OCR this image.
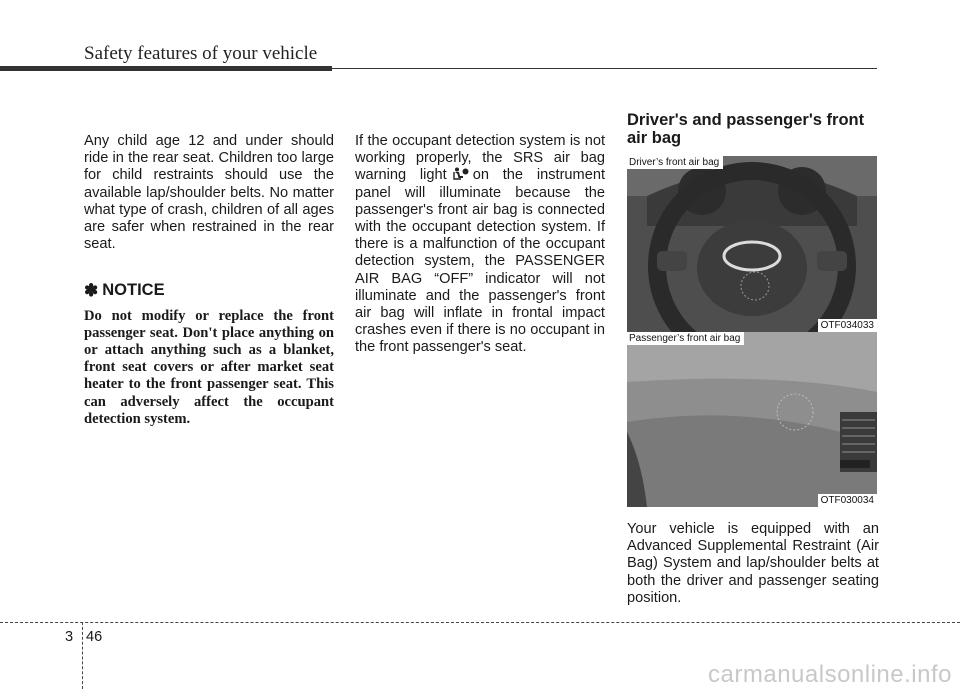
Safety features of your vehicle

Any child age 12 and under should ride in the rear seat. Children too large for child restraints should use the available lap/shoulder belts. No matter what type of crash, children of all ages are safer when restrained in the rear seat.

✽ NOTICE

Do not modify or replace the front passenger seat. Don't place anything on or attach anything such as a blanket, front seat covers or after market seat heater to the front passenger seat. This can adversely affect the occupant detection system.

If the occupant detection system is not working properly, the SRS air bag warning light on the instrument panel will illuminate because the passenger's front air bag is connected with the occupant detection system. If there is a malfunction of the occupant detection system, the PASSENGER AIR BAG “OFF” indicator will not illuminate and the passenger's front air bag will inflate in frontal impact crashes even if there is no occupant in the front passenger's seat.

Driver's and passenger's front air bag
Driver’s front air bag
OTF034033
Passenger’s front air bag
OTF030034

Your vehicle is equipped with an Advanced Supplemental Restraint (Air Bag) System and lap/shoulder belts at both the driver and passenger seating position.

3 46
carmanualsonline.info
